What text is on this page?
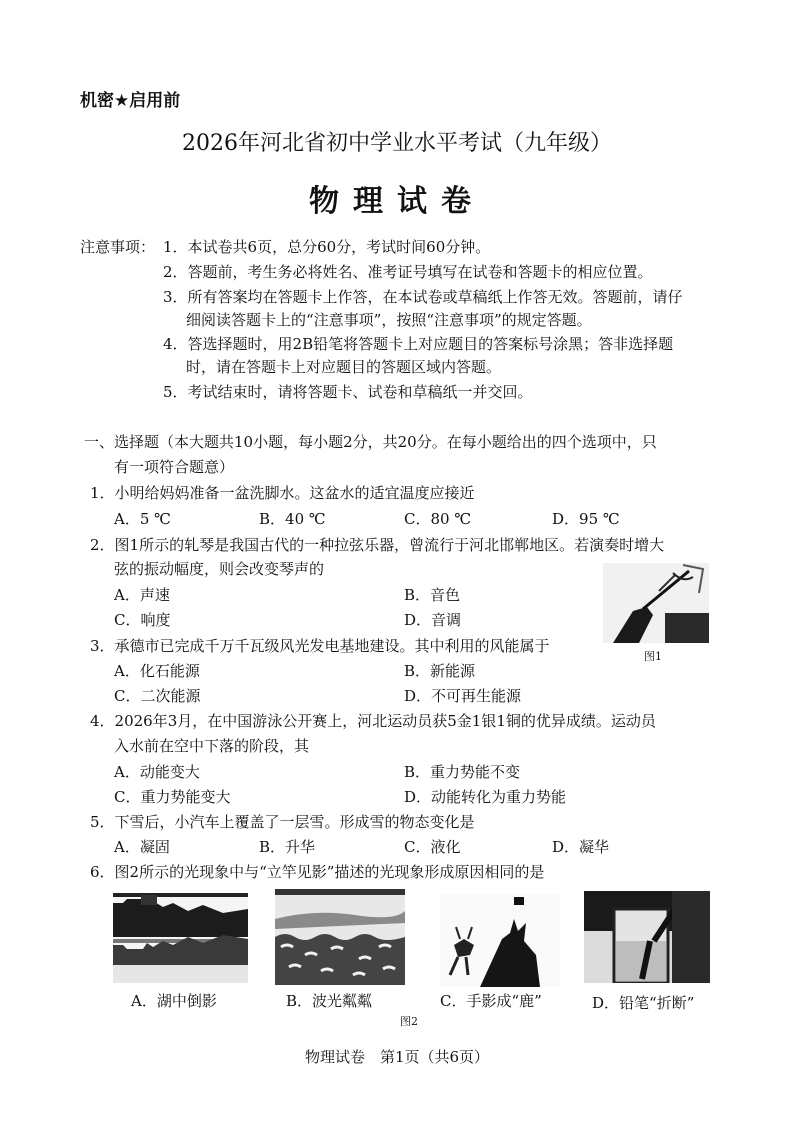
机密★启用前
2026年河北省初中学业水平考试（九年级）
物理试卷
注意事项： 1．本试卷共6页，总分60分，考试时间60分钟。
2．答题前，考生务必将姓名、准考证号填写在试卷和答题卡的相应位置。
3．所有答案均在答题卡上作答，在本试卷或草稿纸上作答无效。答题前，请仔
细阅读答题卡上的“注意事项”，按照“注意事项”的规定答题。
4．答选择题时，用2B铅笔将答题卡上对应题目的答案标号涂黑；答非选择题
时，请在答题卡上对应题目的答题区域内答题。
5．考试结束时，请将答题卡、试卷和草稿纸一并交回。
一、选择题（本大题共10小题，每小题2分，共20分。在每小题给出的四个选项中，只
有一项符合题意）
1．小明给妈妈准备一盆洗脚水。这盆水的适宜温度应接近
A．5 ℃	B．40 ℃	C．80 ℃	D．95 ℃
2．图1所示的轧琴是我国古代的一种拉弦乐器，曾流行于河北邯郸地区。若演奏时增大
弦的振动幅度，则会改变琴声的
A．声速	B．音色
C．响度	D．音调
图1
3．承德市已完成千万千瓦级风光发电基地建设。其中利用的风能属于
A．化石能源	B．新能源
C．二次能源	D．不可再生能源
4．2026年3月，在中国游泳公开赛上，河北运动员获5金1银1铜的优异成绩。运动员
入水前在空中下落的阶段，其
A．动能变大	B．重力势能不变
C．重力势能变大	D．动能转化为重力势能
5．下雪后，小汽车上覆盖了一层雪。形成雪的物态变化是
A．凝固	B．升华	C．液化	D．凝华
6．图2所示的光现象中与“立竿见影”描述的光现象形成原因相同的是
A．湖中倒影	B．波光粼粼	C．手影成“鹿”	D．铅笔“折断”
图2
物理试卷　第1页（共6页）
